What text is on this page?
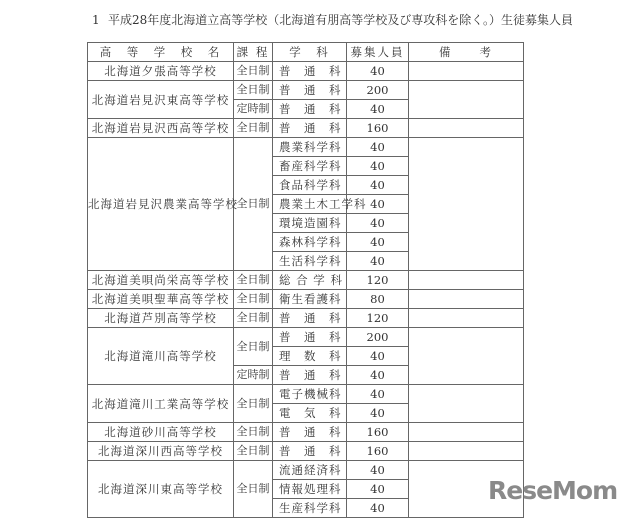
1 平成28年度北海道立高等学校（北海道有朋高等学校及び専攻科を除く。）生徒募集人員
高　等　学　校　名	課 程	学　科	募集人員	備　　考
北海道夕張高等学校	全日制	普　通　科	40	
北海道岩見沢東高等学校	全日制	普　通　科	200	
	定時制	普　通　科	40	
北海道岩見沢西高等学校	全日制	普　通　科	160	
北海道岩見沢農業高等学校	全日制	農業科学科	40	
		畜産科学科	40	
		食品科学科	40	
		農業土木工学科	40	
		環境造園科	40	
		森林科学科	40	
		生活科学科	40	
北海道美唄尚栄高等学校	全日制	総 合 学 科	120	
北海道美唄聖華高等学校	全日制	衛生看護科	80	
北海道芦別高等学校	全日制	普　通　科	120	
北海道滝川高等学校	全日制	普　通　科	200	
		理　数　科	40	
	定時制	普　通　科	40	
北海道滝川工業高等学校	全日制	電子機械科	40	
		電　気　科	40	
北海道砂川高等学校	全日制	普　通　科	160	
北海道深川西高等学校	全日制	普　通　科	160	
北海道深川東高等学校	全日制	流通経済科	40	
		情報処理科	40	
		生産科学科	40	
ReseMom
